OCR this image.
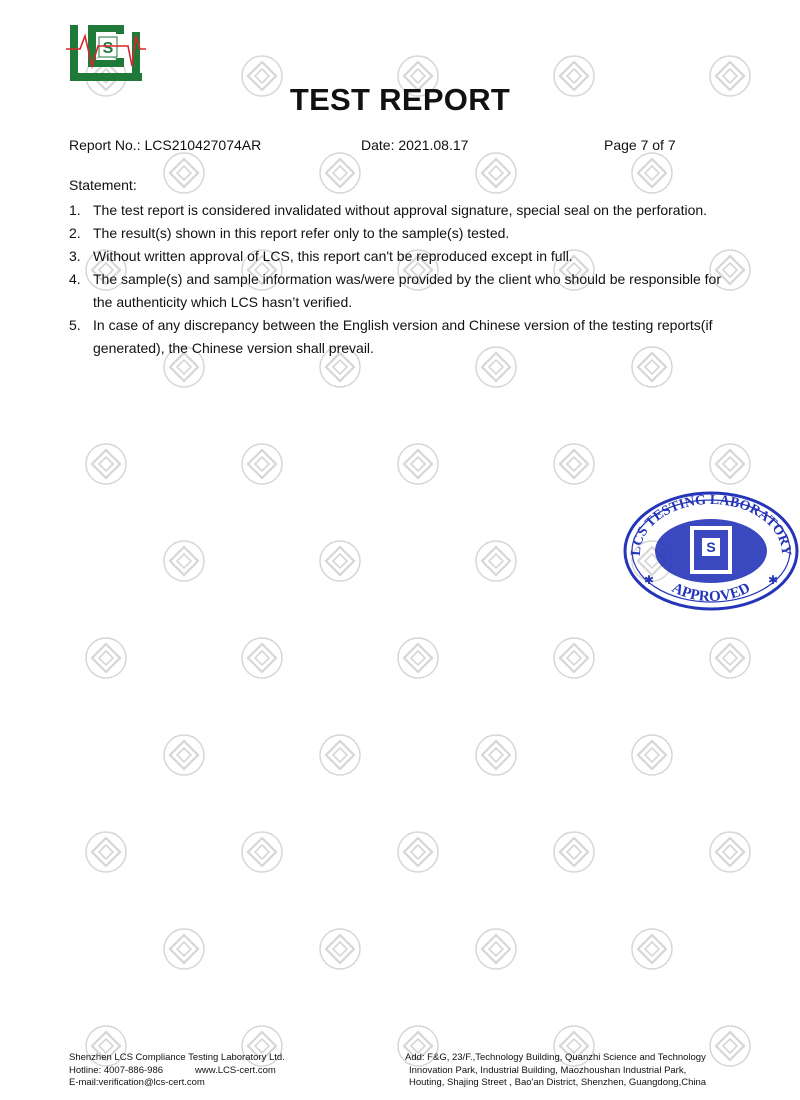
S
TEST REPORT
Report No.: LCS210427074AR	Date: 2021.08.17	Page 7 of 7
Statement:
1. The test report is considered invalidated without approval signature, special seal on the perforation.
2. The result(s) shown in this report refer only to the sample(s) tested.
3. Without written approval of LCS, this report can't be reproduced except in full.
4. The sample(s) and sample information was/were provided by the client who should be responsible for the authenticity which LCS hasn’t verified.
5. In case of any discrepancy between the English version and Chinese version of the testing reports(if generated), the Chinese version shall prevail.
S
LCS TESTING LABORATORY
APPROVED
✱	✱
Shenzhen LCS Compliance Testing Laboratory Ltd.
Hotline: 4007-886-986	www.LCS-cert.com
E-mail:verification@lcs-cert.com
Add: F&G, 23/F.,Technology Building, Quanzhi Science and Technology
Innovation Park, Industrial Building, Maozhoushan Industrial Park,
Houting, Shajing Street , Bao'an District, Shenzhen, Guangdong,China
